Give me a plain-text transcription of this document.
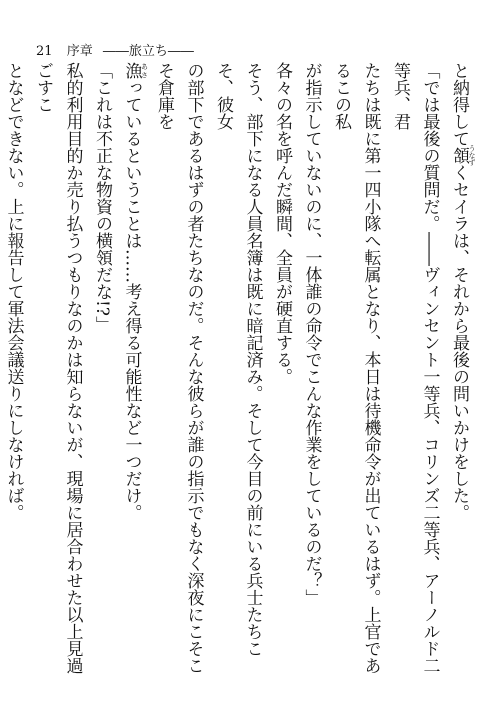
21 序章 ――旅立ち――

と納得して頷 うなずくセイラは、それから最後の問いかけをした。

「では最後の質問だ。――ヴィンセント一等兵、コリンズ二等兵、アーノルド二等兵、君

たちは既に第一四小隊へ転属となり、本日は待機命令が出ているはず。上官であるこの私

が指示していないのに、一体誰の命令でこんな作業をしているのだ？」

各々の名を呼んだ瞬間、全員が硬直する。

そう、部下になる人員名簿は既に暗記済み。そして今目の前にいる兵士たちこそ、彼女

の部下であるはずの者たちなのだ。そんな彼らが誰の指示でもなく深夜にこそこそ倉庫を

漁 あさっているということは……考え得る可能性など一つだけ。

「これは不正な物資の横領だな!?」

私的利用目的か売り払うつもりなのかは知らないが、現場に居合わせた以上見過ごすこ

となどできない。上に報告して軍法会議送りにしなければ。
